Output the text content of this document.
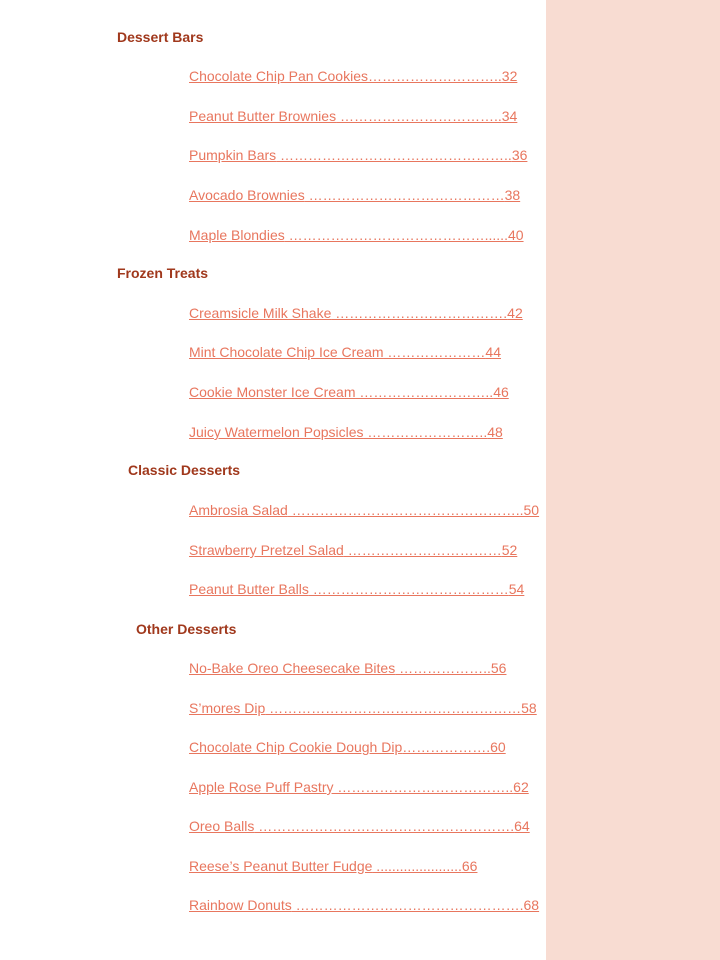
Dessert Bars
Chocolate Chip Pan Cookies………………………..32
Peanut Butter Brownies ……………………………..34
Pumpkin Bars …………………………………………..36
Avocado Brownies ……………………………………38
Maple Blondies ……………………………………......40
Frozen Treats
Creamsicle Milk Shake ……………………………….42
Mint Chocolate Chip Ice Cream …………………44
Cookie Monster Ice Cream ………………………..46
Juicy Watermelon Popsicles ……………………..48
Classic Desserts
Ambrosia Salad …………………………………………..50
Strawberry Pretzel Salad ……………………………52
Peanut Butter Balls ……………………………………54
Other Desserts
No-Bake Oreo Cheesecake Bites ………………..56
S’mores Dip ………………………………………………58
Chocolate Chip Cookie Dough Dip……………….60
Apple Rose Puff Pastry ………………………………..62
Oreo Balls ……………………………………………….64
Reese’s Peanut Butter Fudge ......................66
Rainbow Donuts ………………………………………….68
